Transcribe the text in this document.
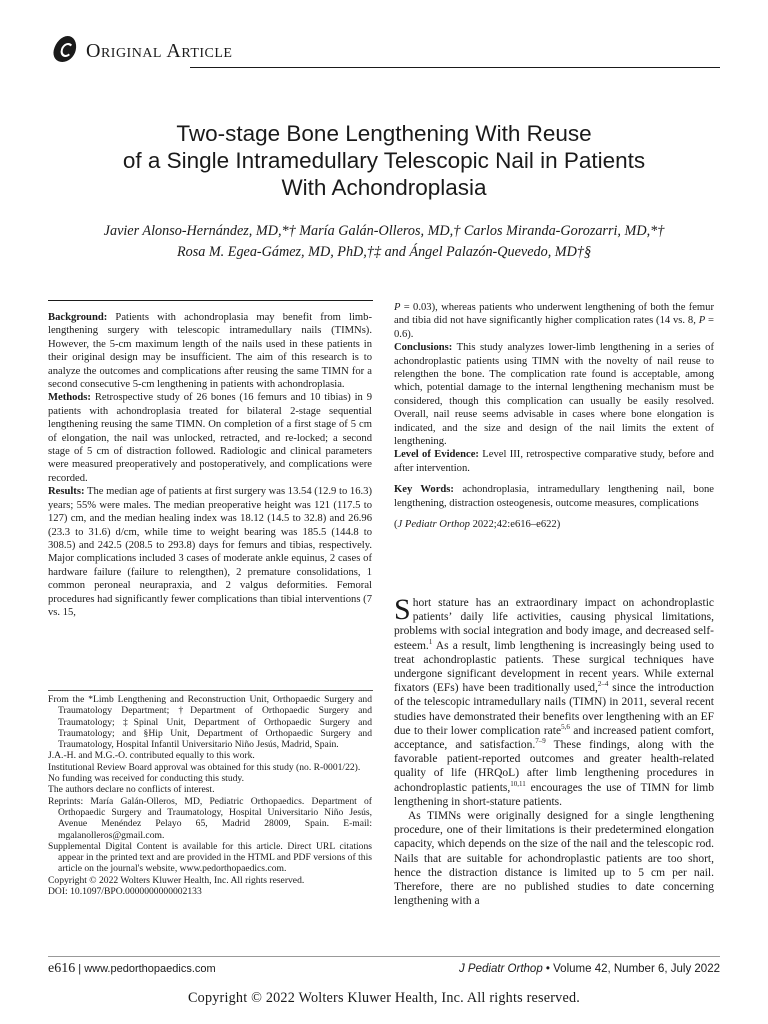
Original Article
Two-stage Bone Lengthening With Reuse
of a Single Intramedullary Telescopic Nail in Patients
With Achondroplasia
Javier Alonso-Hernández, MD,*† María Galán-Olleros, MD,† Carlos Miranda-Gorozarri, MD,*†
Rosa M. Egea-Gámez, MD, PhD,†‡ and Ángel Palazón-Quevedo, MD†§

Background: Patients with achondroplasia may benefit from limb-lengthening surgery with telescopic intramedullary nails (TIMNs). However, the 5-cm maximum length of the nails used in these patients in their original design may be insufficient. The aim of this research is to analyze the outcomes and complications after reusing the same TIMN for a second consecutive 5-cm lengthening in patients with achondroplasia.

Methods: Retrospective study of 26 bones (16 femurs and 10 tibias) in 9 patients with achondroplasia treated for bilateral 2-stage sequential lengthening reusing the same TIMN. On completion of a first stage of 5 cm of elongation, the nail was unlocked, retracted, and re-locked; a second stage of 5 cm of distraction followed. Radiologic and clinical parameters were measured preoperatively and postoperatively, and complications were recorded.

Results: The median age of patients at first surgery was 13.54 (12.9 to 16.3) years; 55% were males. The median preoperative height was 121 (117.5 to 127) cm, and the median healing index was 18.12 (14.5 to 32.8) and 26.96 (23.3 to 31.6) d/cm, while time to weight bearing was 185.5 (144.8 to 308.5) and 242.5 (208.5 to 293.8) days for femurs and tibias, respectively. Major complications included 3 cases of moderate ankle equinus, 2 cases of hardware failure (failure to relengthen), 2 premature consolidations, 1 common peroneal neurapraxia, and 2 valgus deformities. Femoral procedures had significantly fewer complications than tibial interventions (7 vs. 15,

P = 0.03), whereas patients who underwent lengthening of both the femur and tibia did not have significantly higher complication rates (14 vs. 8, P = 0.6).

Conclusions: This study analyzes lower-limb lengthening in a series of achondroplastic patients using TIMN with the novelty of nail reuse to relengthen the bone. The complication rate found is acceptable, among which, potential damage to the internal lengthening mechanism must be considered, though this complication can usually be easily resolved. Overall, nail reuse seems advisable in cases where bone elongation is indicated, and the size and design of the nail limits the extent of lengthening.

Level of Evidence: Level III, retrospective comparative study, before and after intervention.

Key Words: achondroplasia, intramedullary lengthening nail, bone lengthening, distraction osteogenesis, outcome measures, complications

(J Pediatr Orthop 2022;42:e616–e622)

Short stature has an extraordinary impact on achondroplastic patients’ daily life activities, causing physical limitations, problems with social integration and body image, and decreased self-esteem.$^1$ As a result, limb lengthening is increasingly being used to treat achondroplastic patients. These surgical techniques have undergone significant development in recent years. While external fixators (EFs) have been traditionally used,$^{2-4}$ since the introduction of the telescopic intramedullary nails (TIMN) in 2011, several recent studies have demonstrated their benefits over lengthening with an EF due to their lower complication rate$^{5,6}$ and increased patient comfort, acceptance, and satisfaction.$^{7-9}$ These findings, along with the favorable patient-reported outcomes and greater health-related quality of life (HRQoL) after limb lengthening procedures in achondroplastic patients,$^{10,11}$ encourages the use of TIMN for limb lengthening in short-stature patients.

As TIMNs were originally designed for a single lengthening procedure, one of their limitations is their predetermined elongation capacity, which depends on the size of the nail and the telescopic rod. Nails that are suitable for achondroplastic patients are too short, hence the distraction distance is limited up to 5 cm per nail. Therefore, there are no published studies to date concerning lengthening with a

From the *Limb Lengthening and Reconstruction Unit, Orthopaedic Surgery and Traumatology Department; †Department of Orthopaedic Surgery and Traumatology; ‡Spinal Unit, Department of Orthopaedic Surgery and Traumatology; and §Hip Unit, Department of Orthopaedic Surgery and Traumatology, Hospital Infantil Universitario Niño Jesús, Madrid, Spain.

J.A.-H. and M.G.-O. contributed equally to this work.

Institutional Review Board approval was obtained for this study (no. R-0001/22).

No funding was received for conducting this study.

The authors declare no conflicts of interest.

Reprints: María Galán-Olleros, MD, Pediatric Orthopaedics. Department of Orthopaedic Surgery and Traumatology, Hospital Universitario Niño Jesús, Avenue Menéndez Pelayo 65, Madrid 28009, Spain. E-mail: mgalanolleros@gmail.com.

Supplemental Digital Content is available for this article. Direct URL citations appear in the printed text and are provided in the HTML and PDF versions of this article on the journal's website, www.pedorthopaedics.com.

Copyright © 2022 Wolters Kluwer Health, Inc. All rights reserved.

DOI: 10.1097/BPO.0000000000002133

e616 | www.pedorthopaedics.com	J Pediatr Orthop • Volume 42, Number 6, July 2022
Copyright © 2022 Wolters Kluwer Health, Inc. All rights reserved.
